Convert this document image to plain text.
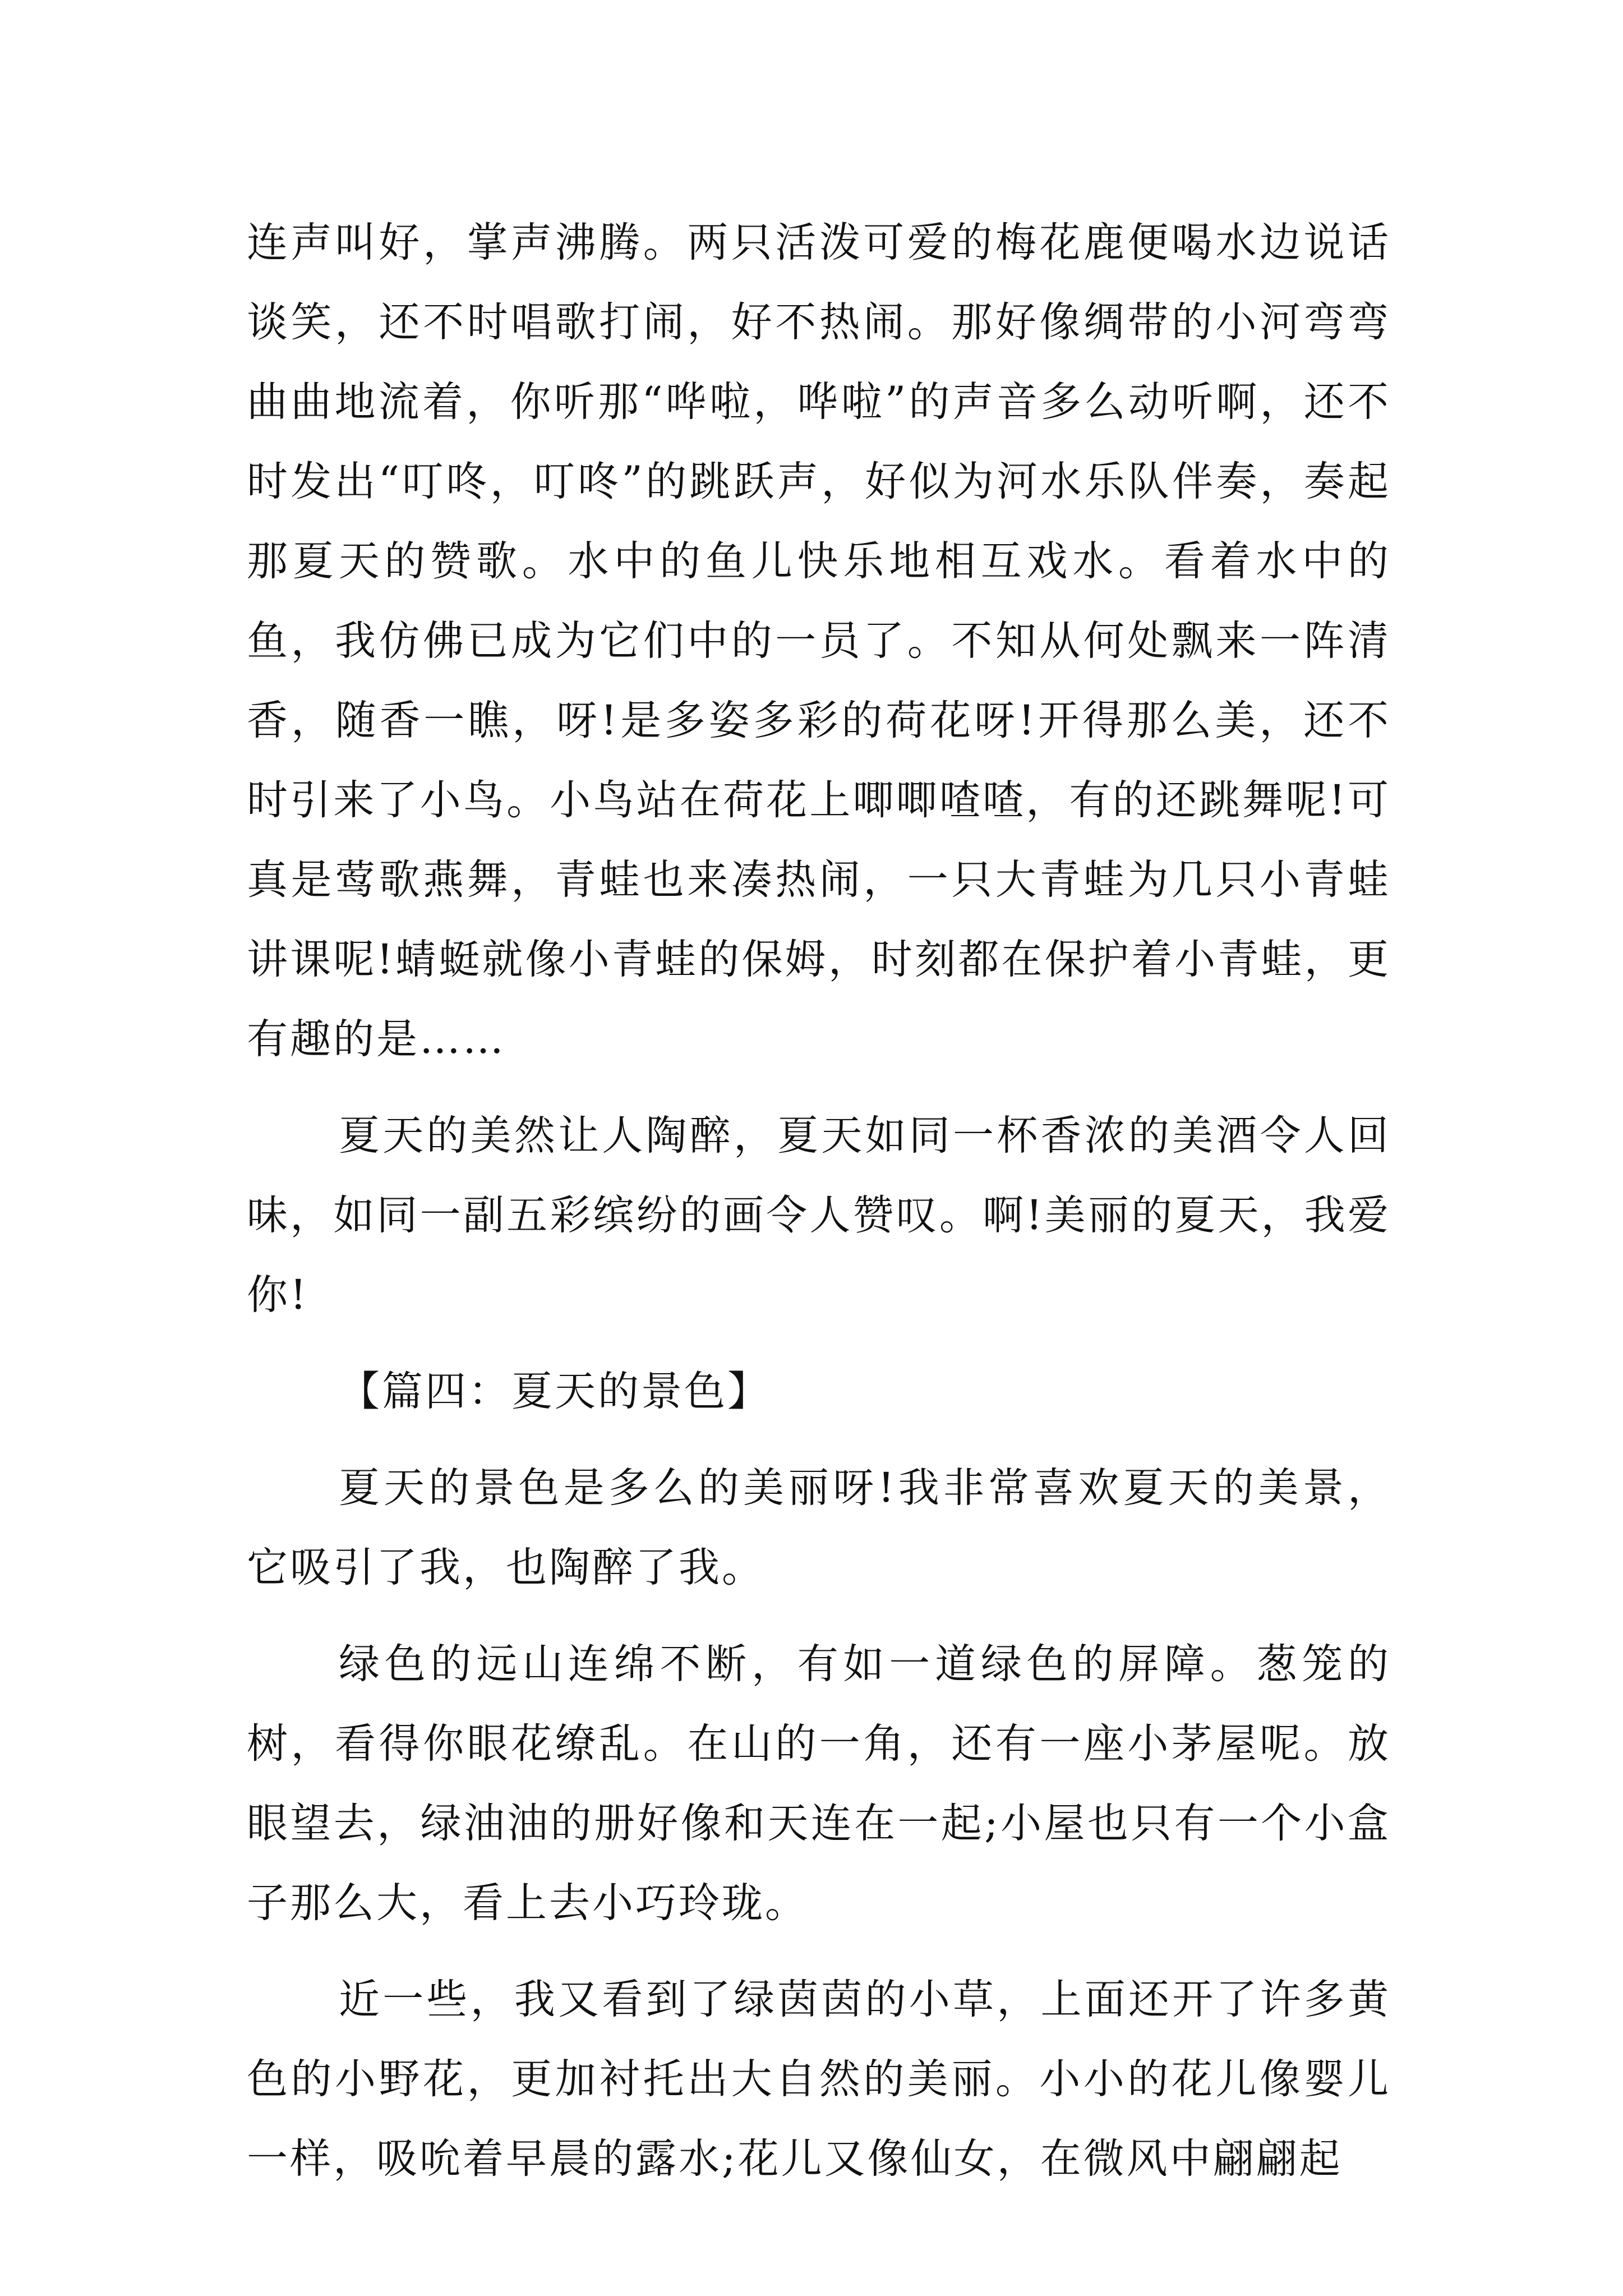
连声叫好，掌声沸腾。两只活泼可爱的梅花鹿便喝水边说话谈笑，还不时唱歌打闹，好不热闹。那好像绸带的小河弯弯曲曲地流着，你听那“哗啦，哗啦”的声音多么动听啊，还不时发出“叮咚，叮咚”的跳跃声，好似为河水乐队伴奏，奏起那夏天的赞歌。水中的鱼儿快乐地相互戏水。看着水中的鱼，我仿佛已成为它们中的一员了。不知从何处飘来一阵清香，随香一瞧，呀!是多姿多彩的荷花呀!开得那么美，还不时引来了小鸟。小鸟站在荷花上唧唧喳喳，有的还跳舞呢!可真是莺歌燕舞，青蛙也来凑热闹，一只大青蛙为几只小青蛙讲课呢!蜻蜓就像小青蛙的保姆，时刻都在保护着小青蛙，更有趣的是……

夏天的美然让人陶醉，夏天如同一杯香浓的美酒令人回味，如同一副五彩缤纷的画令人赞叹。啊!美丽的夏天，我爱你!

【篇四：夏天的景色】

夏天的景色是多么的美丽呀!我非常喜欢夏天的美景，它吸引了我，也陶醉了我。

绿色的远山连绵不断，有如一道绿色的屏障。葱笼的树，看得你眼花缭乱。在山的一角，还有一座小茅屋呢。放眼望去，绿油油的册好像和天连在一起;小屋也只有一个小盒子那么大，看上去小巧玲珑。

近一些，我又看到了绿茵茵的小草，上面还开了许多黄色的小野花，更加衬托出大自然的美丽。小小的花儿像婴儿一样，吸吮着早晨的露水;花儿又像仙女，在微风中翩翩起
